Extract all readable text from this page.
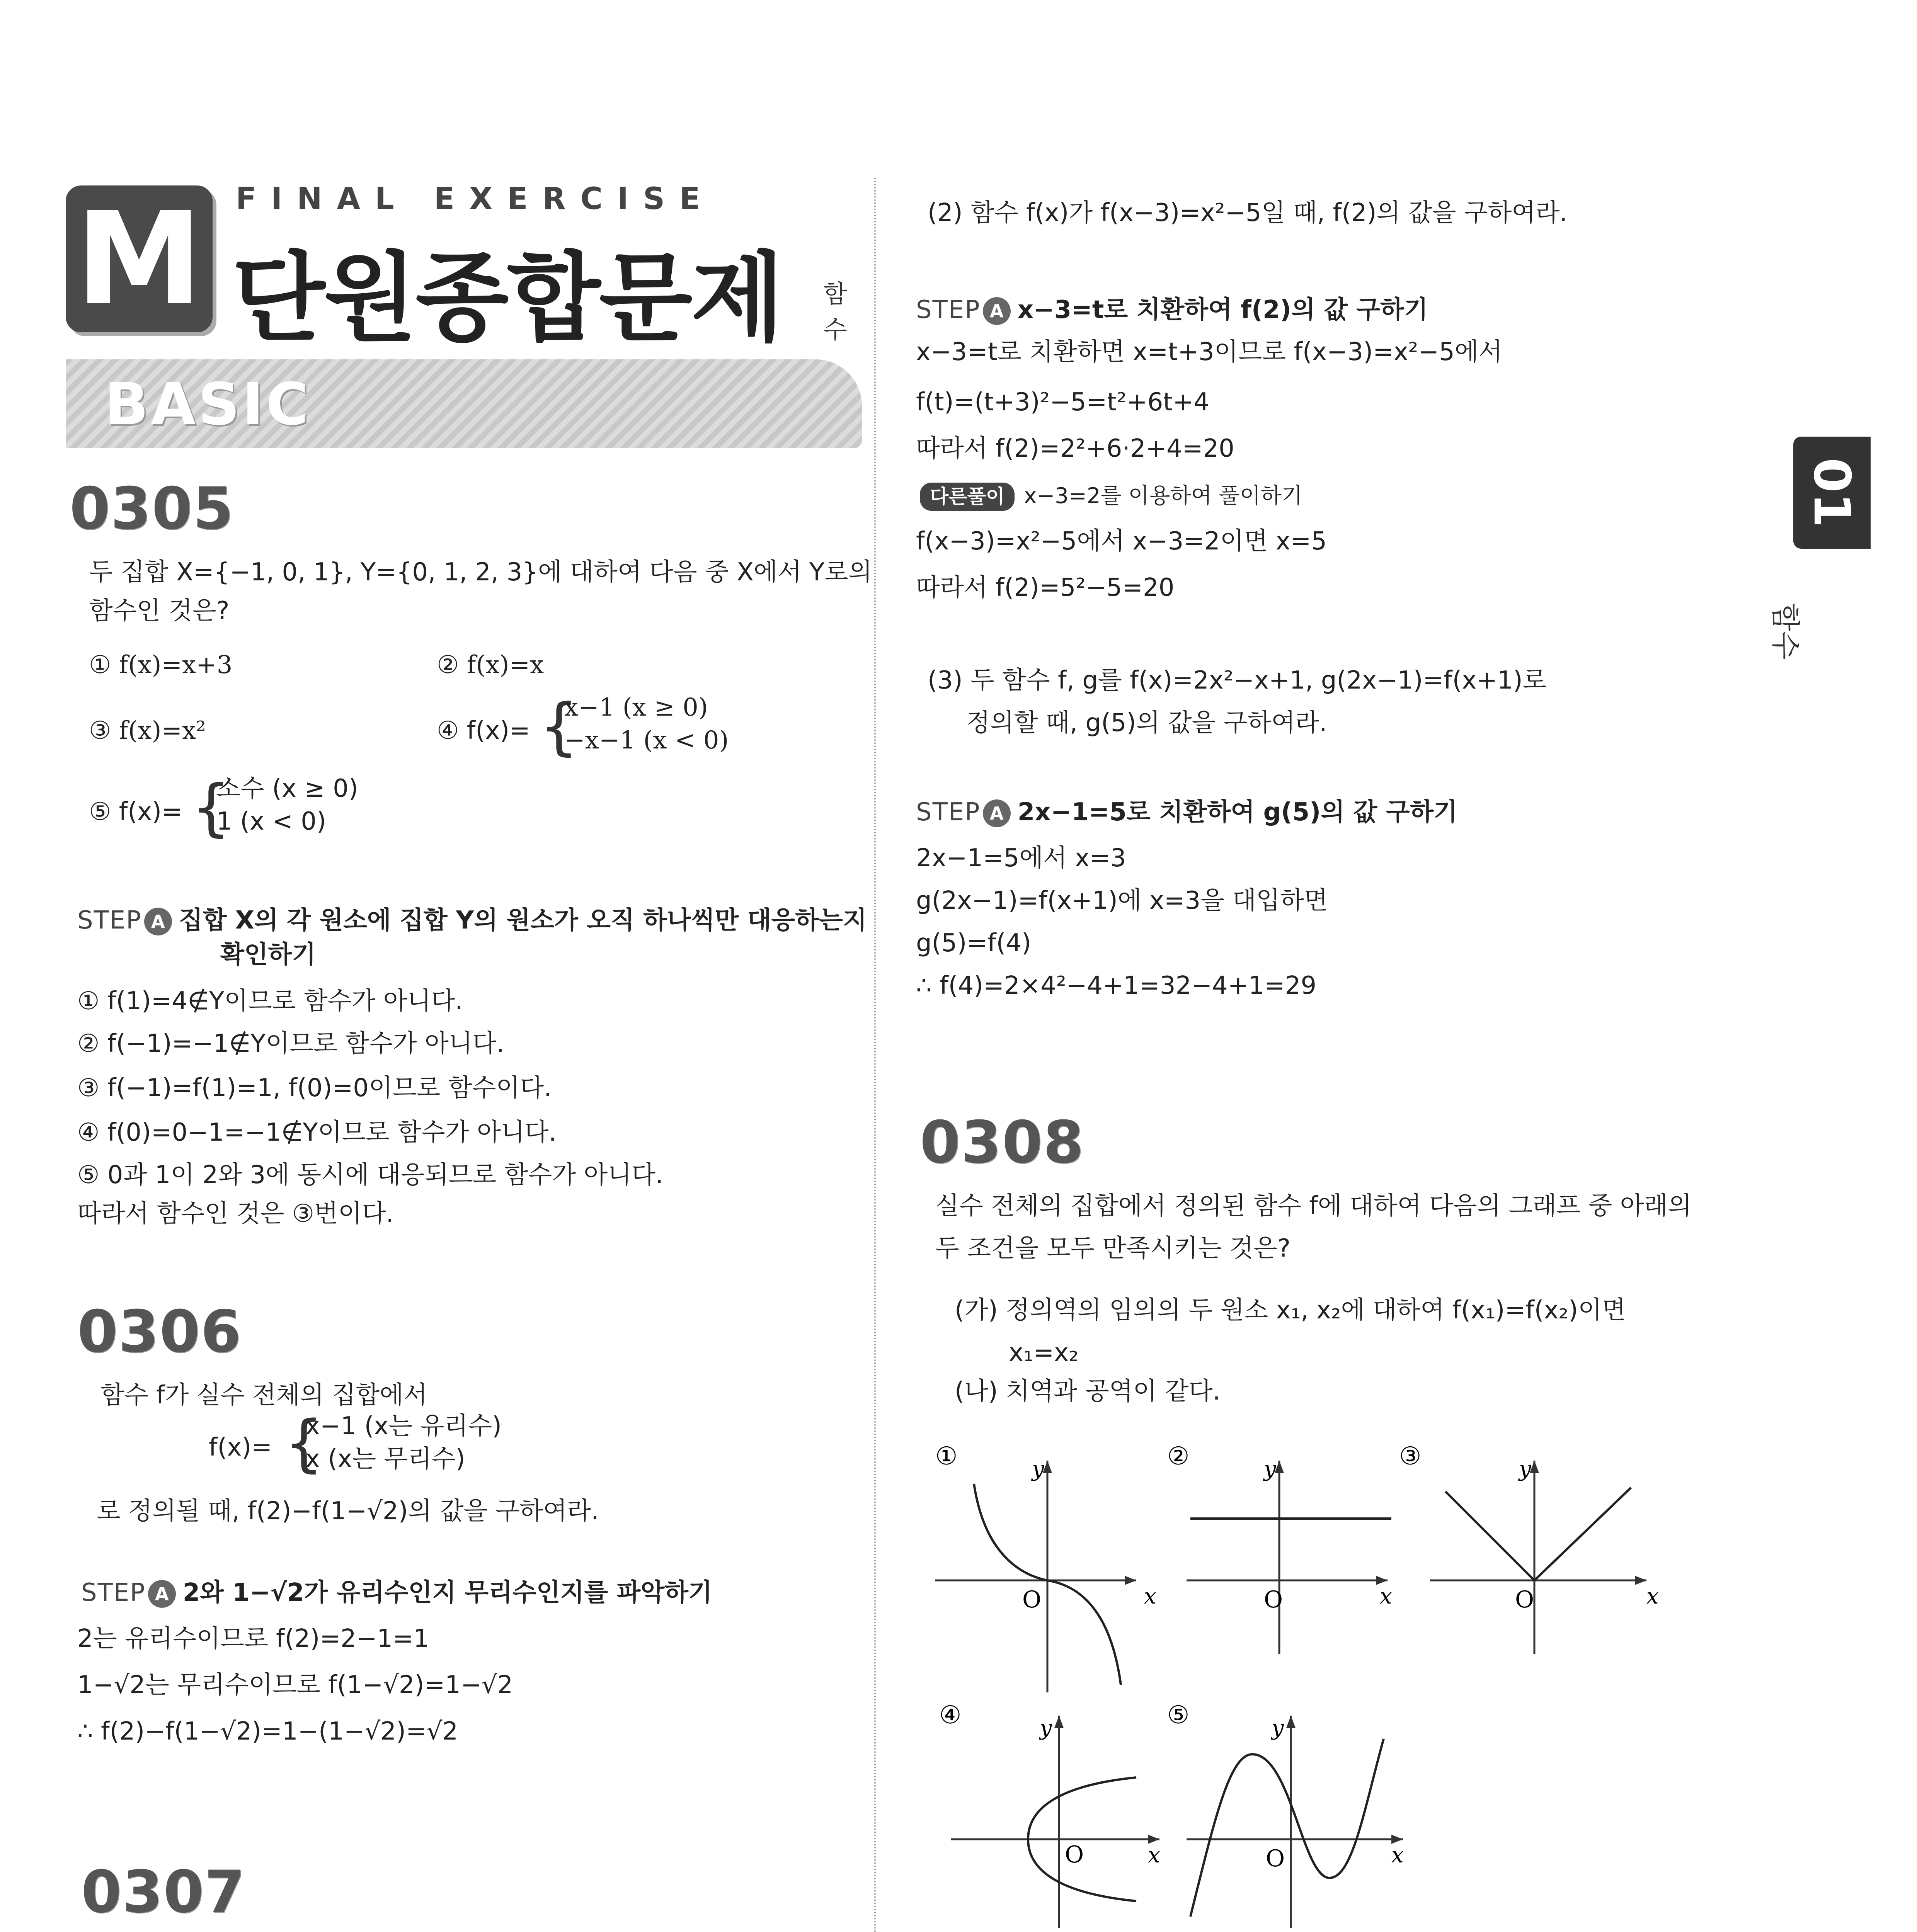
M	FINAL EXERCISE
단원종합문제 함수
BASIC
01
함수
0305
두 집합 X={−1, 0, 1}, Y={0, 1, 2, 3}에 대하여 다음 중 X에서 Y로의
함수인 것은?
① f(x)=x+3	② f(x)=x
③ f(x)=x²	④ f(x)= {
x−1 (x ≥ 0)
−x−1 (x < 0)
⑤ f(x)= {
소수 (x ≥ 0)
1 (x < 0)
STEP A 집합 X의 각 원소에 집합 Y의 원소가 오직 하나씩만 대응하는지
확인하기
① f(1)=4∉Y이므로 함수가 아니다.
② f(−1)=−1∉Y이므로 함수가 아니다.
③ f(−1)=f(1)=1, f(0)=0이므로 함수이다.
④ f(0)=0−1=−1∉Y이므로 함수가 아니다.
⑤ 0과 1이 2와 3에 동시에 대응되므로 함수가 아니다.
따라서 함수인 것은 ③번이다.
0306
함수 f가 실수 전체의 집합에서
f(x)= {
x−1 (x는 유리수)
x (x는 무리수)
로 정의될 때, f(2)−f(1−√2)의 값을 구하여라.
STEP A 2와 1−√2가 유리수인지 무리수인지를 파악하기
2는 유리수이므로 f(2)=2−1=1
1−√2는 무리수이므로 f(1−√2)=1−√2
∴ f(2)−f(1−√2)=1−(1−√2)=√2
0307
(2) 함수 f(x)가 f(x−3)=x²−5일 때, f(2)의 값을 구하여라.
STEP A x−3=t로 치환하여 f(2)의 값 구하기
x−3=t로 치환하면 x=t+3이므로 f(x−3)=x²−5에서
f(t)=(t+3)²−5=t²+6t+4
따라서 f(2)=2²+6·2+4=20
다른풀이 x−3=2를 이용하여 풀이하기
f(x−3)=x²−5에서 x−3=2이면 x=5
따라서 f(2)=5²−5=20
(3) 두 함수 f, g를 f(x)=2x²−x+1, g(2x−1)=f(x+1)로
정의할 때, g(5)의 값을 구하여라.
STEP A 2x−1=5로 치환하여 g(5)의 값 구하기
2x−1=5에서 x=3
g(2x−1)=f(x+1)에 x=3을 대입하면
g(5)=f(4)
∴ f(4)=2×4²−4+1=32−4+1=29
0308
실수 전체의 집합에서 정의된 함수 f에 대하여 다음의 그래프 중 아래의
두 조건을 모두 만족시키는 것은?
(가) 정의역의 임의의 두 원소 x₁, x₂에 대하여 f(x₁)=f(x₂)이면
x₁=x₂
(나) 치역과 공역이 같다.
①
O
y
x
②
O
y
x
③
O
y
x
④
O
y
x
⑤
O
y
x
